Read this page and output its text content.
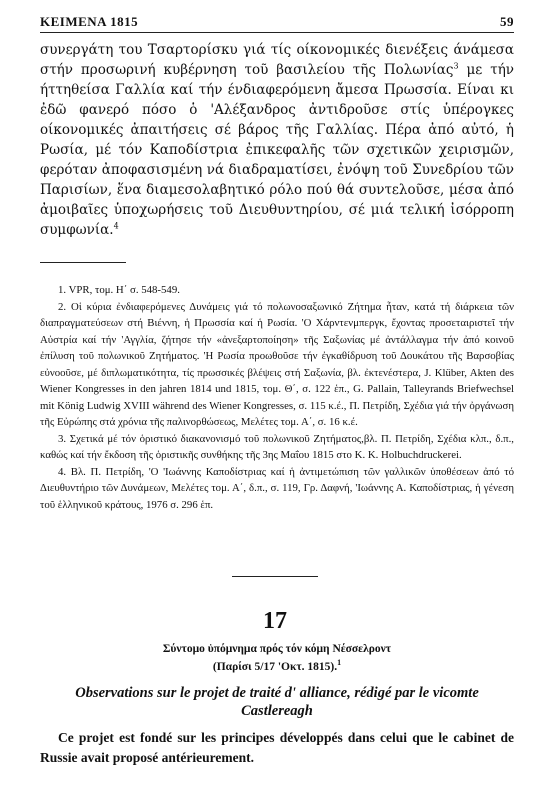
ΚΕΙΜΕΝΑ 1815	59

συνεργάτη του Τσαρτορίσκυ γιά τίς οίκονομικές διενέξεις άνάμεσα στήν προσωρινή κυβέρνηση τοῦ βασιλείου τῆς Πολωνίας$^3$ με τήν ήττηθείσα Γαλλία καί τήν ένδιαφερόμενη ἄμεσα Πρωσσία. Είναι κι ἐδῶ φανερό πόσο ὁ 'Αλέξανδρος ἀντιδροῦσε στίς ὑπέρογκες οίκονομικές ἀπαιτήσεις σέ βάρος τῆς Γαλλίας. Πέρα ἀπό αὐτό, ἡ Ρωσία, μέ τόν Καποδίστρια ἐπικεφαλῆς τῶν σχετικῶν χειρισμῶν, φερόταν ἀποφασισμένη νά διαδραματίσει, ἐνόψη τοῦ Συνεδρίου τῶν Παρισίων, ἕνα διαμεσολαβητικό ρόλο πού θά συντελοῦσε, μέσα ἀπό ἀμοιβαῖες ὑποχωρήσεις τοῦ Διευθυντηρίου, σέ μιά τελική ἰσόρροπη συμφωνία.$^4$

1. VPR, τομ. Η΄ σ. 548-549.

2. Οἱ κύρια ἐνδιαφερόμενες Δυνάμεις γιά τό πολωνοσαξωνικό Ζήτημα ἦταν, κατά τή διάρκεια τῶν διαπραγματεύσεων στή Βιέννη, ἡ Πρωσσία καί ἡ Ρωσία. 'Ο Χάρντενμπεργκ, ἔχοντας προσεταιριστεῖ τήν Αὐστρία καί τήν 'Αγγλία, ζήτησε τήν «ἀνεξαρτοποίηση» τῆς Σαξωνίας μέ ἀντάλλαγμα τήν ἀπό κοινοῦ ἐπίλυση τοῦ πολωνικοῦ Ζητήματος. 'Η Ρωσία προωθοῦσε τήν ἐγκαθίδρυση τοῦ Δουκάτου τῆς Βαρσοβίας εὐνοοῦσε, μέ διπλωματικότητα, τίς πρωσσικές βλέψεις στή Σαξωνία, βλ. ἐκτενέστερα, J. Klüber, Akten des Wiener Kongresses in den jahren 1814 und 1815, τομ. Θ΄, σ. 122 ἑπ., G. Pallain, Talleyrands Briefwechsel mit König Ludwig XVIII während des Wiener Kongresses, σ. 115 κ.έ., Π. Πετρίδη, Σχέδια γιά τήν ὀργάνωση τῆς Εὐρώπης στά χρόνια τῆς παλινορθώσεως, Μελέτες τομ. Α΄, σ. 16 κ.έ.

3. Σχετικά μέ τόν ὁριστικό διακανονισμό τοῦ πολωνικοῦ Ζητήματος,βλ. Π. Πετρίδη, Σχέδια κλπ., δ.π., καθώς καί τήν ἔκδοση τῆς ὁριστικῆς συνθήκης τῆς 3ης Μαΐου 1815 στο Κ. Κ. Holbuchdruckerei.

4. Βλ. Π. Πετρίδη, 'Ο 'Ιωάννης Καποδίστριας καί ἡ ἀντιμετώπιση τῶν γαλλικῶν ὑποθέσεων ἀπό τό Διευθυντήριο τῶν Δυνάμεων, Μελέτες τομ. Α΄, δ.π., σ. 119, Γρ. Δαφνή, 'Ιωάννης Α. Καποδίστριας, ἡ γένεση τοῦ ἑλληνικοῦ κράτους, 1976 σ. 296 ἑπ.

17
Σύντομο ὑπόμνημα πρός τόν κόμη Νέσσελροντ
(Παρίσι 5/17 'Οκτ. 1815).$^1$
Observations sur le projet de traité d' alliance, rédigé par le vicomte Castlereagh
Ce projet est fondé sur les principes développés dans celui que le cabinet de Russie avait proposé antérieurement.
